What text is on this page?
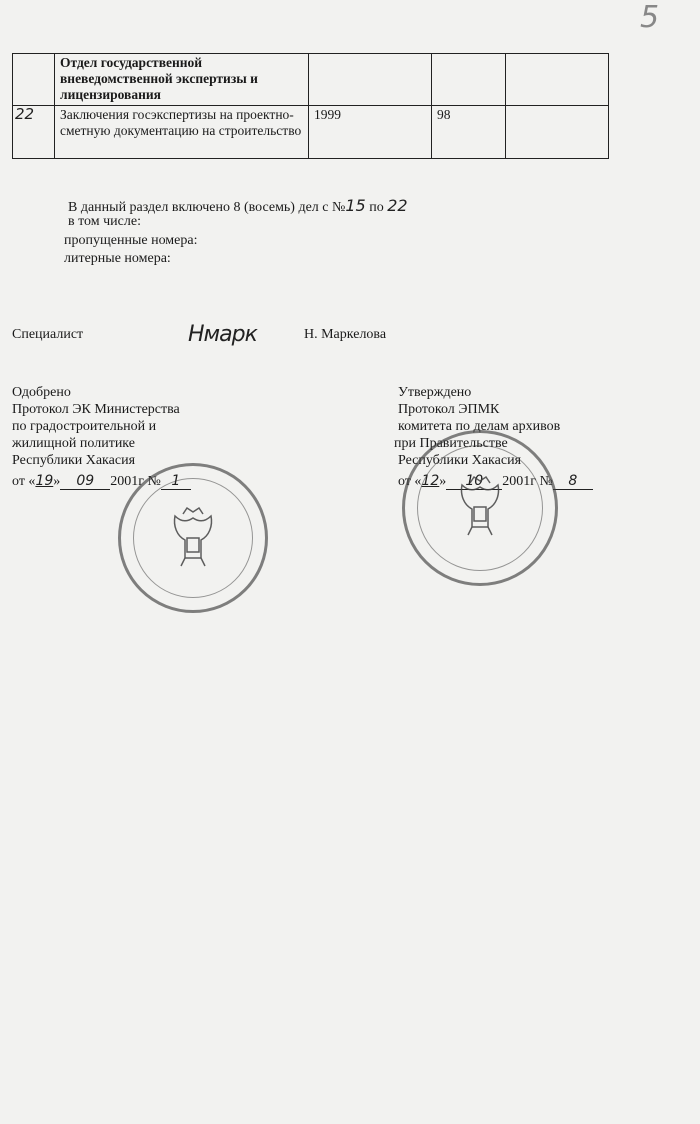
5
	Отдел государственной вневедомственной экспертизы и лицензирования			
22	Заключения госэкспертизы на проектно-сметную документацию на строительство	1999	98	
В данный раздел включено 8 (восемь) дел с №15 по 22
в том числе:
пропущенные номера:
литерные номера:
Специалист	Нмарк	Н. Маркелова
Одобрено
Протокол ЭК Министерства
по градостроительной и
жилищной политике
Республики Хакасия
от «19» 09 2001г № 1
Утверждено
Протокол ЭПМК
комитета по делам архивов
при Правительстве
Республики Хакасия
от «12» 10 2001г № 8
